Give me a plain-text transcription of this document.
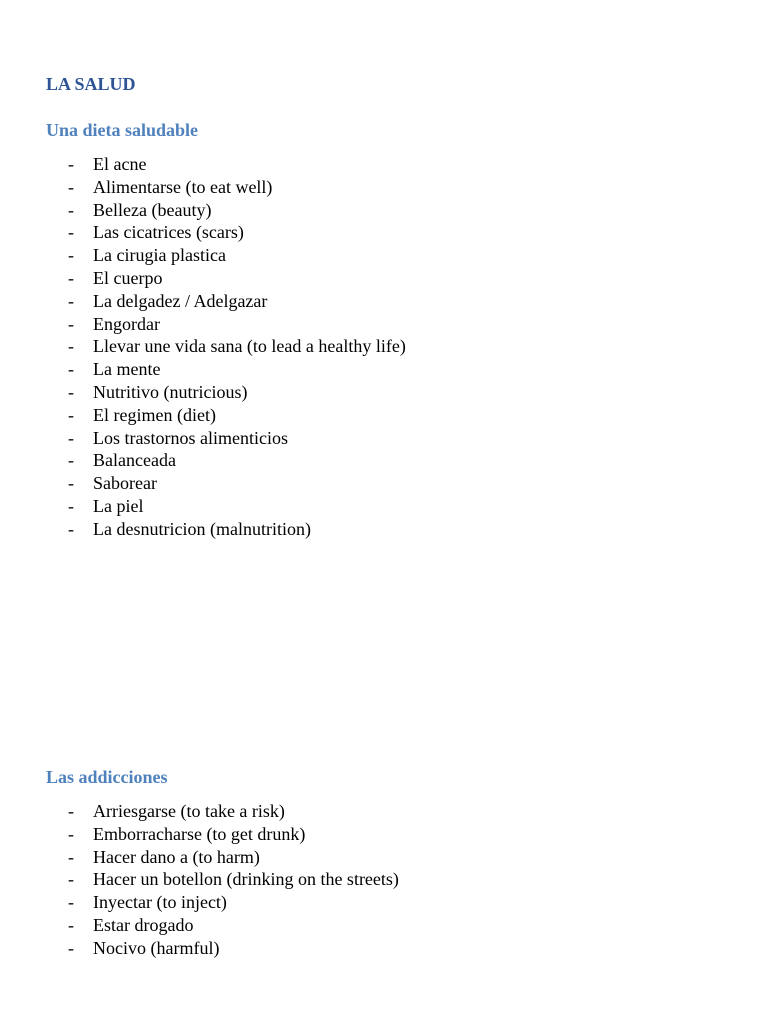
LA SALUD
Una dieta saludable
- El acne
- Alimentarse (to eat well)
- Belleza (beauty)
- Las cicatrices (scars)
- La cirugia plastica
- El cuerpo
- La delgadez / Adelgazar
- Engordar
- Llevar une vida sana (to lead a healthy life)
- La mente
- Nutritivo (nutricious)
- El regimen (diet)
- Los trastornos alimenticios
- Balanceada
- Saborear
- La piel
- La desnutricion (malnutrition)
Las addicciones
- Arriesgarse (to take a risk)
- Emborracharse (to get drunk)
- Hacer dano a (to harm)
- Hacer un botellon (drinking on the streets)
- Inyectar (to inject)
- Estar drogado
- Nocivo (harmful)
